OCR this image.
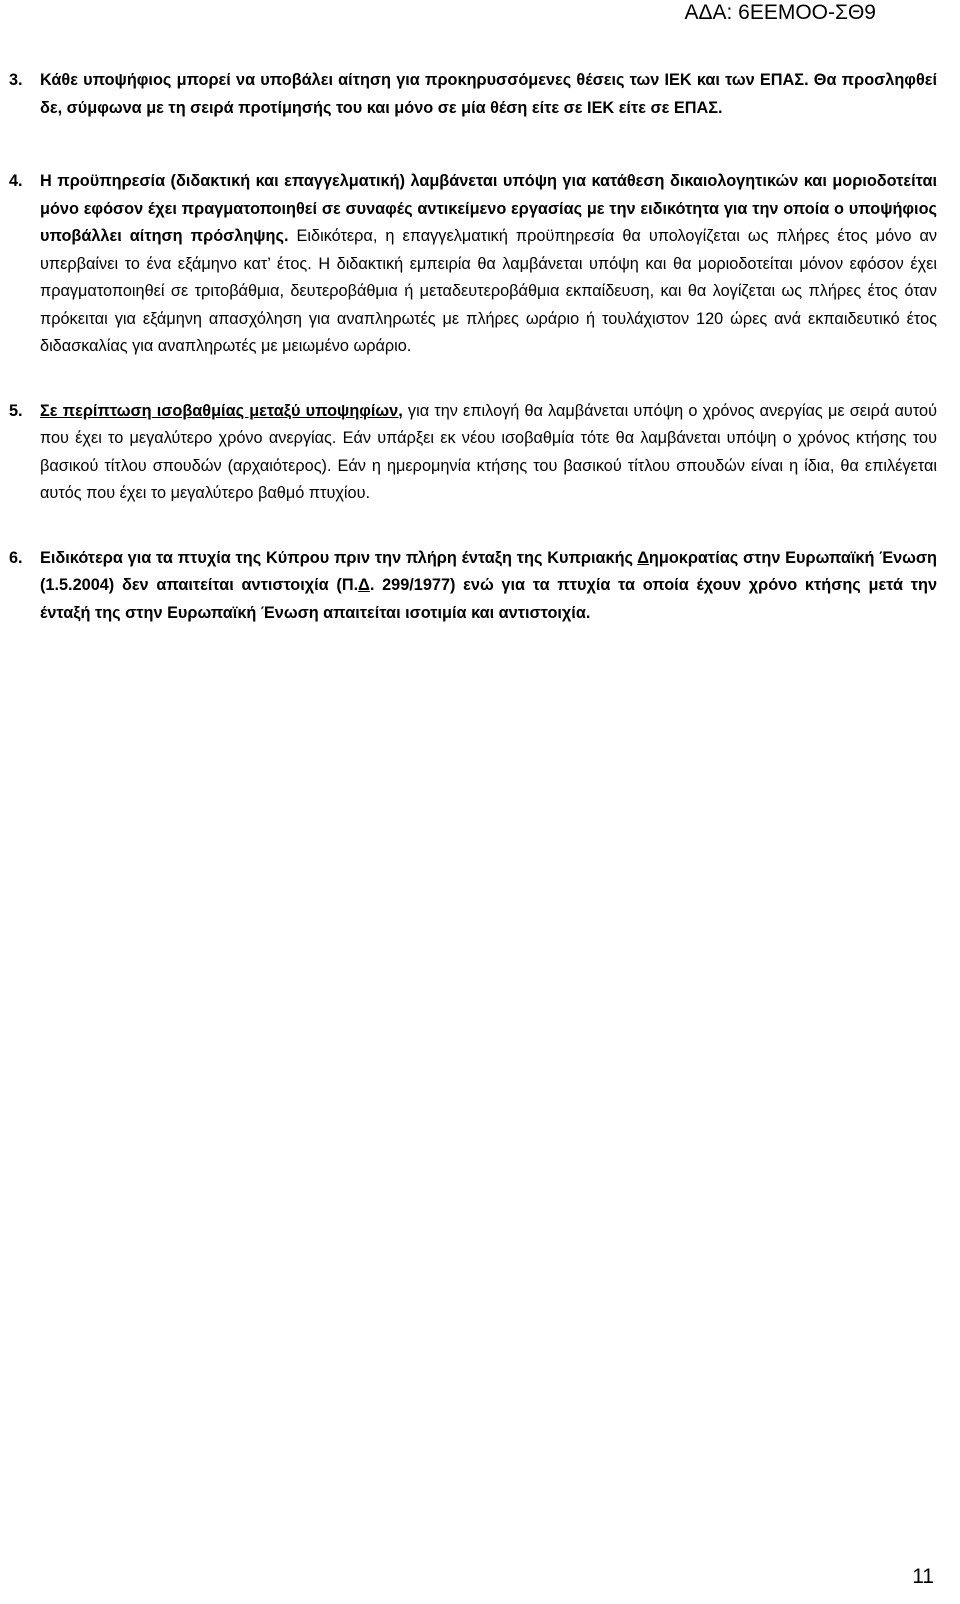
ΑΔΑ: 6ΕΕΜΟΟ-ΣΘ9

3. Κάθε υποψήφιος μπορεί να υποβάλει αίτηση για προκηρυσσόμενες θέσεις των ΙΕΚ και των ΕΠΑΣ. Θα προσληφθεί δε, σύμφωνα με τη σειρά προτίμησής του και μόνο σε μία θέση είτε σε ΙΕΚ είτε σε ΕΠΑΣ.

4. Η προϋπηρεσία (διδακτική και επαγγελματική) λαμβάνεται υπόψη για κατάθεση δικαιολογητικών και μοριοδοτείται μόνο εφόσον έχει πραγματοποιηθεί σε συναφές αντικείμενο εργασίας με την ειδικότητα για την οποία ο υποψήφιος υποβάλλει αίτηση πρόσληψης. Ειδικότερα, η επαγγελματική προϋπηρεσία θα υπολογίζεται ως πλήρες έτος μόνο αν υπερβαίνει το ένα εξάμηνο κατ’ έτος. Η διδακτική εμπειρία θα λαμβάνεται υπόψη και θα μοριοδοτείται μόνον εφόσον έχει πραγματοποιηθεί σε τριτοβάθμια, δευτεροβάθμια ή μεταδευτεροβάθμια εκπαίδευση, και θα λογίζεται ως πλήρες έτος όταν πρόκειται για εξάμηνη απασχόληση για αναπληρωτές με πλήρες ωράριο ή τουλάχιστον 120 ώρες ανά εκπαιδευτικό έτος διδασκαλίας για αναπληρωτές με μειωμένο ωράριο.

5. Σε περίπτωση ισοβαθμίας μεταξύ υποψηφίων, για την επιλογή θα λαμβάνεται υπόψη ο χρόνος ανεργίας με σειρά αυτού που έχει το μεγαλύτερο χρόνο ανεργίας. Εάν υπάρξει εκ νέου ισοβαθμία τότε θα λαμβάνεται υπόψη ο χρόνος κτήσης του βασικού τίτλου σπουδών (αρχαιότερος). Εάν η ημερομηνία κτήσης του βασικού τίτλου σπουδών είναι η ίδια, θα επιλέγεται αυτός που έχει το μεγαλύτερο βαθμό πτυχίου.

6. Ειδικότερα για τα πτυχία της Κύπρου πριν την πλήρη ένταξη της Κυπριακής Δημοκρατίας στην Ευρωπαϊκή Ένωση (1.5.2004) δεν απαιτείται αντιστοιχία (Π.Δ. 299/1977) ενώ για τα πτυχία τα οποία έχουν χρόνο κτήσης μετά την ένταξή της στην Ευρωπαϊκή Ένωση απαιτείται ισοτιμία και αντιστοιχία.

11
